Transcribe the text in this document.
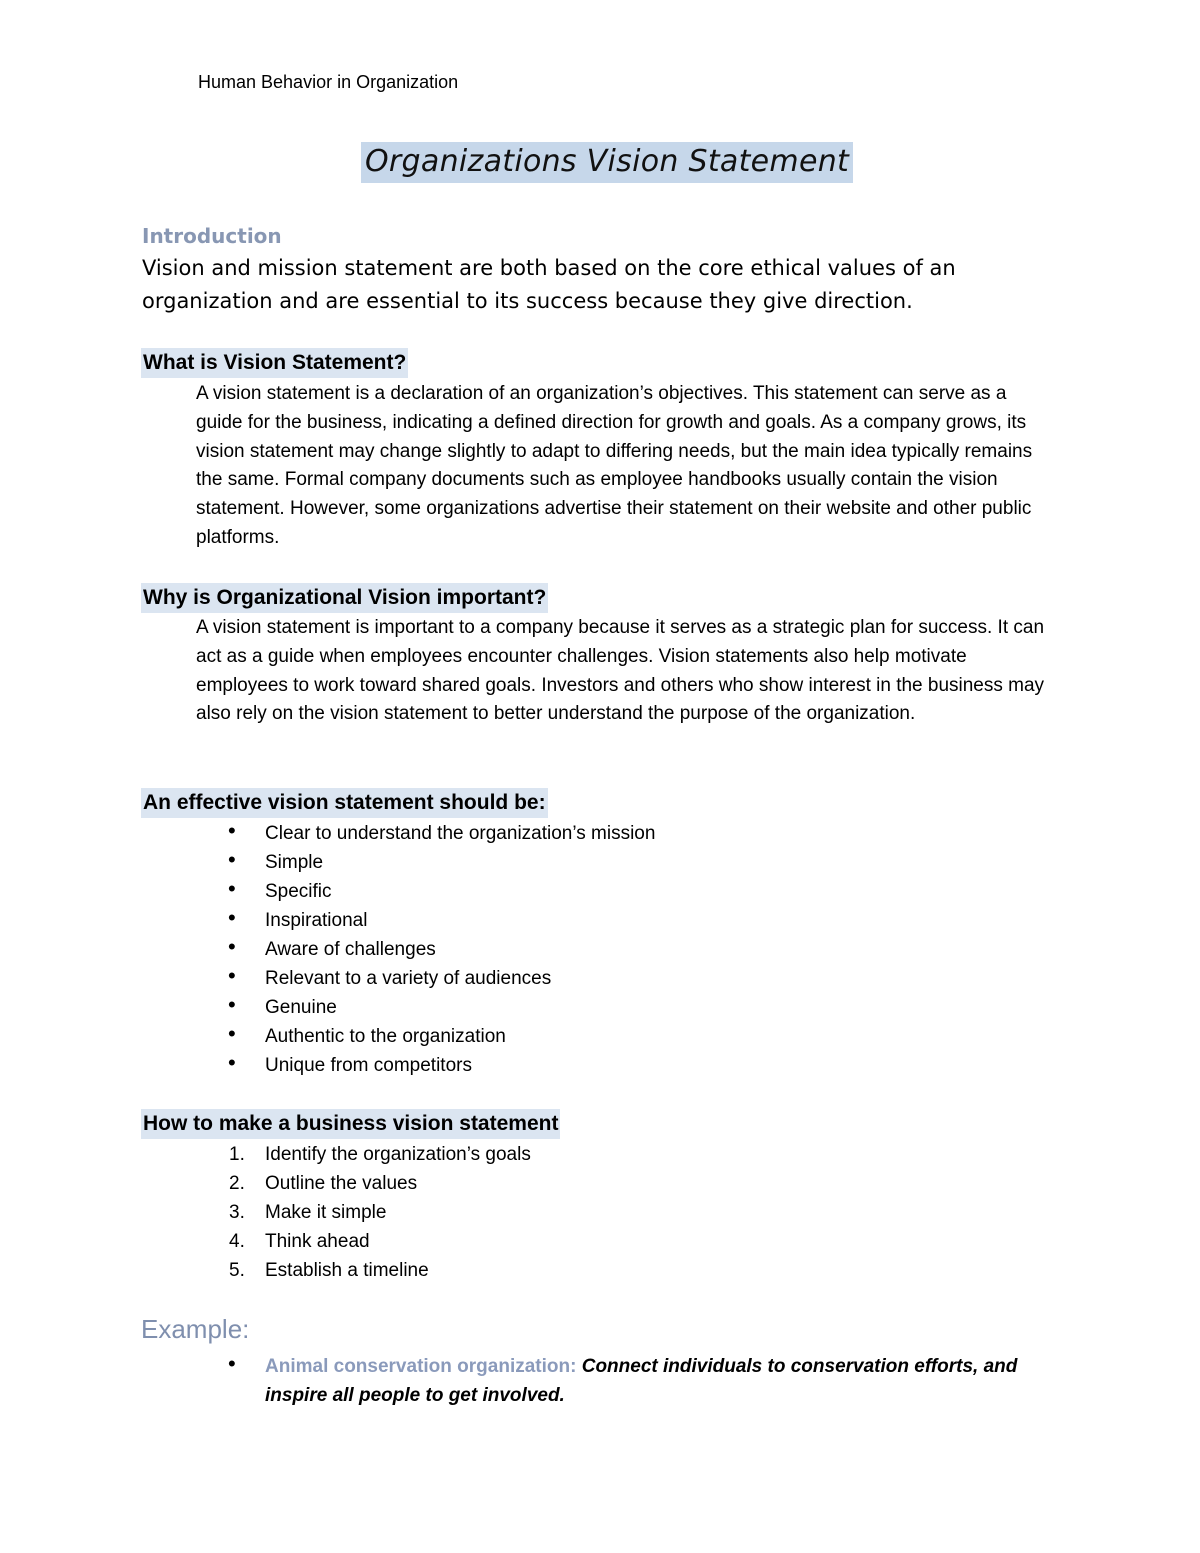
Human Behavior in Organization
Organizations Vision Statement
Introduction
Vision and mission statement are both based on the core ethical values of an organization and are essential to its success because they give direction.
What is Vision Statement?
A vision statement is a declaration of an organization’s objectives. This statement can serve as a guide for the business, indicating a defined direction for growth and goals. As a company grows, its vision statement may change slightly to adapt to differing needs, but the main idea typically remains the same. Formal company documents such as employee handbooks usually contain the vision statement. However, some organizations advertise their statement on their website and other public platforms.
Why is Organizational Vision important?
A vision statement is important to a company because it serves as a strategic plan for success. It can act as a guide when employees encounter challenges. Vision statements also help motivate employees to work toward shared goals. Investors and others who show interest in the business may also rely on the vision statement to better understand the purpose of the organization.
An effective vision statement should be:
• Clear to understand the organization’s mission
• Simple
• Specific
• Inspirational
• Aware of challenges
• Relevant to a variety of audiences
• Genuine
• Authentic to the organization
• Unique from competitors
How to make a business vision statement
1. Identify the organization’s goals
2. Outline the values
3. Make it simple
4. Think ahead
5. Establish a timeline
Example:
• Animal conservation organization: Connect individuals to conservation efforts, and inspire all people to get involved.
